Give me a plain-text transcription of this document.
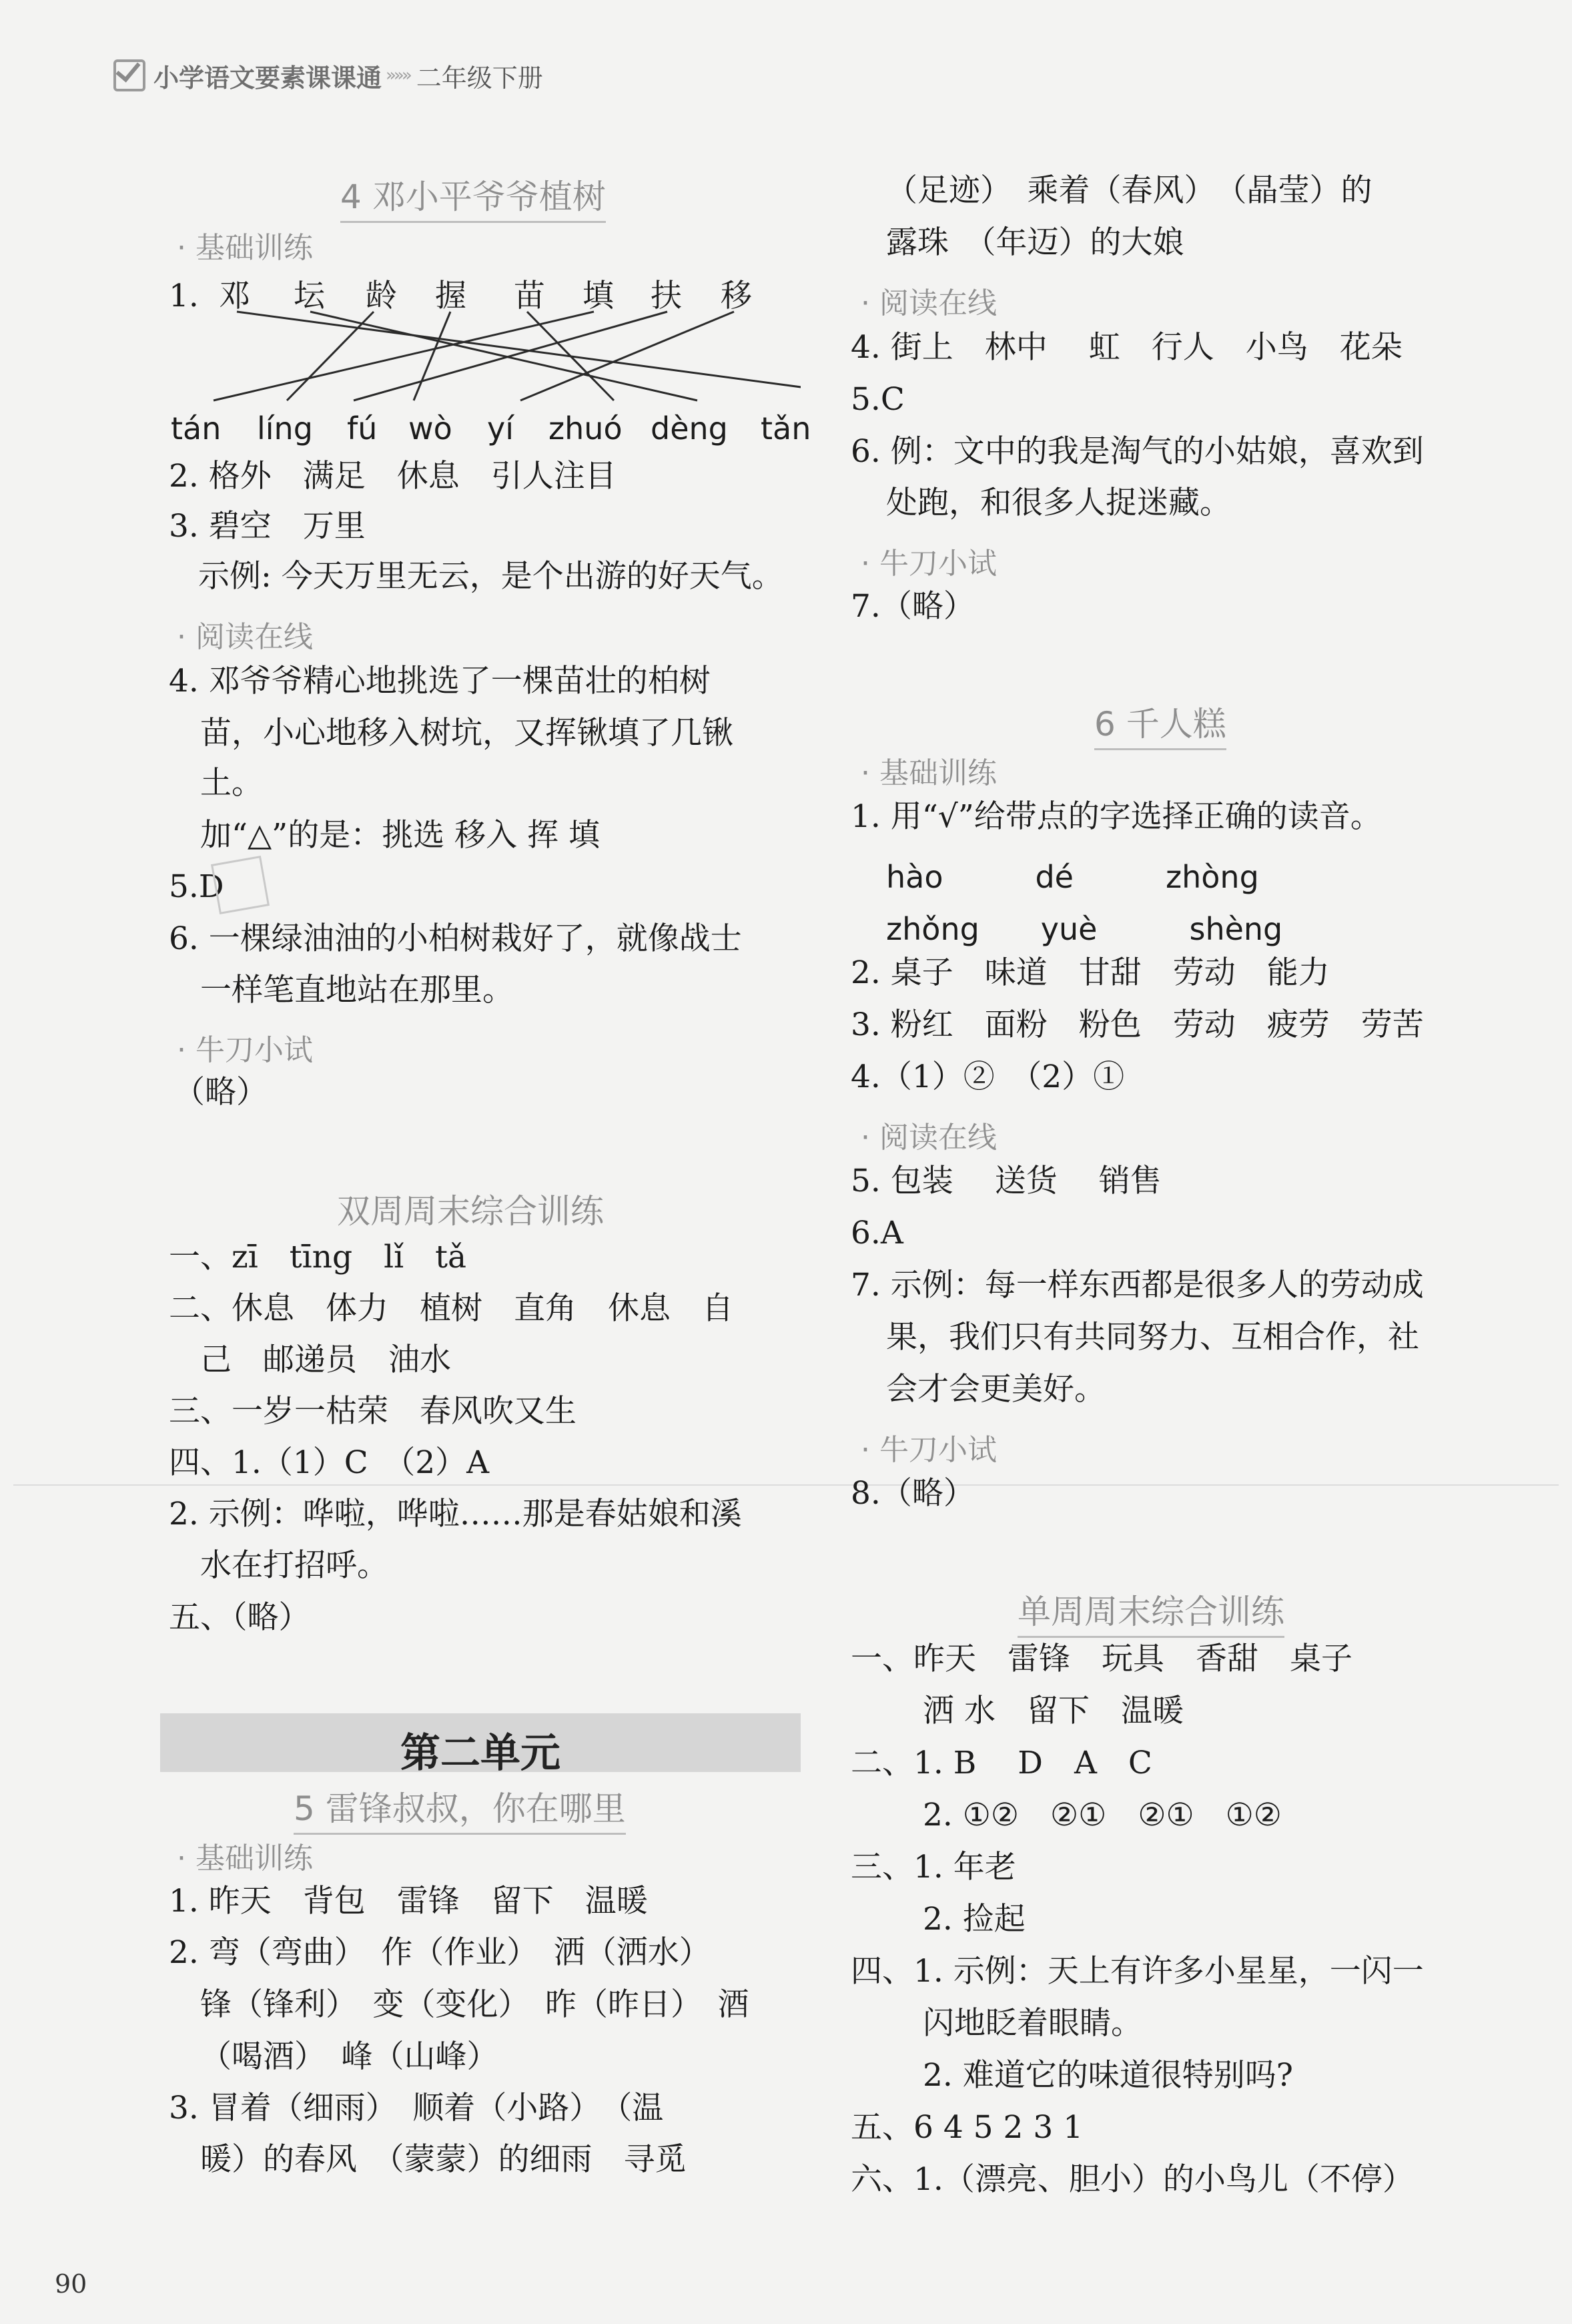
小学语文要素课课通 »»» 二年级下册
4 邓小平爷爷植树
· 基础训练
1. 邓 坛 龄 握 苗 填 扶 移
tán líng fú wò yí zhuó dèng tǎn
2. 格外　满足　休息　引人注目
3. 碧空　万里
示例: 今天万里无云，是个出游的好天气。
· 阅读在线
4. 邓爷爷精心地挑选了一棵苗壮的柏树
苗，小心地移入树坑，又挥锹填了几锹
土。
加“△”的是：挑选 移入 挥 填
5.D
6. 一棵绿油油的小柏树栽好了，就像战士
一样笔直地站在那里。
· 牛刀小试
（略）
双周周末综合训练
一、zī　tīng　lǐ　tǎ
二、休息　体力　植树　直角　休息　自
己　邮递员　油水
三、一岁一枯荣　春风吹又生
四、1.（1）C　（2）A
2. 示例：哗啦，哗啦……那是春姑娘和溪
水在打招呼。
五、（略）
第二单元
5 雷锋叔叔，你在哪里
· 基础训练
1. 昨天　背包　雷锋　留下　温暖
2. 弯（弯曲）　作（作业）　洒（洒水）
锋（锋利）　变（变化）　昨（昨日）　酒
（喝酒）　峰（山峰）
3. 冒着（细雨）　顺着（小路）　（温
暖）的春风　（蒙蒙）的细雨　寻觅
（足迹）　乘着（春风）　（晶莹）的
露珠　（年迈）的大娘
· 阅读在线
4. 街上　林中　 虹　行人　小鸟　花朵
5.C
6. 例：文中的我是淘气的小姑娘，喜欢到
处跑，和很多人捉迷藏。
· 牛刀小试
7.（略）
6 千人糕
· 基础训练
1. 用“√”给带点的字选择正确的读音。
hào　　　dé　　　zhòng
zhǒng　　yuè　　　shèng
2. 桌子　味道　甘甜　劳动　能力
3. 粉红　面粉　粉色　劳动　疲劳　劳苦
4.（1）②　（2）①
· 阅读在线
5. 包装　 送货　 销售
6.A
7. 示例：每一样东西都是很多人的劳动成
果，我们只有共同努力、互相合作，社
会才会更美好。
· 牛刀小试
8.（略）
单周周末综合训练
一、昨天　雷锋　玩具　香甜　桌子
洒 水　留下　温暖
二、1. B　 D　A　C
2. ①②　②①　②①　①②
三、1. 年老
2. 捡起
四、1. 示例：天上有许多小星星，一闪一
闪地眨着眼睛。
2. 难道它的味道很特别吗?
五、6 4 5 2 3 1
六、1.（漂亮、胆小）的小鸟儿（不停）
90
